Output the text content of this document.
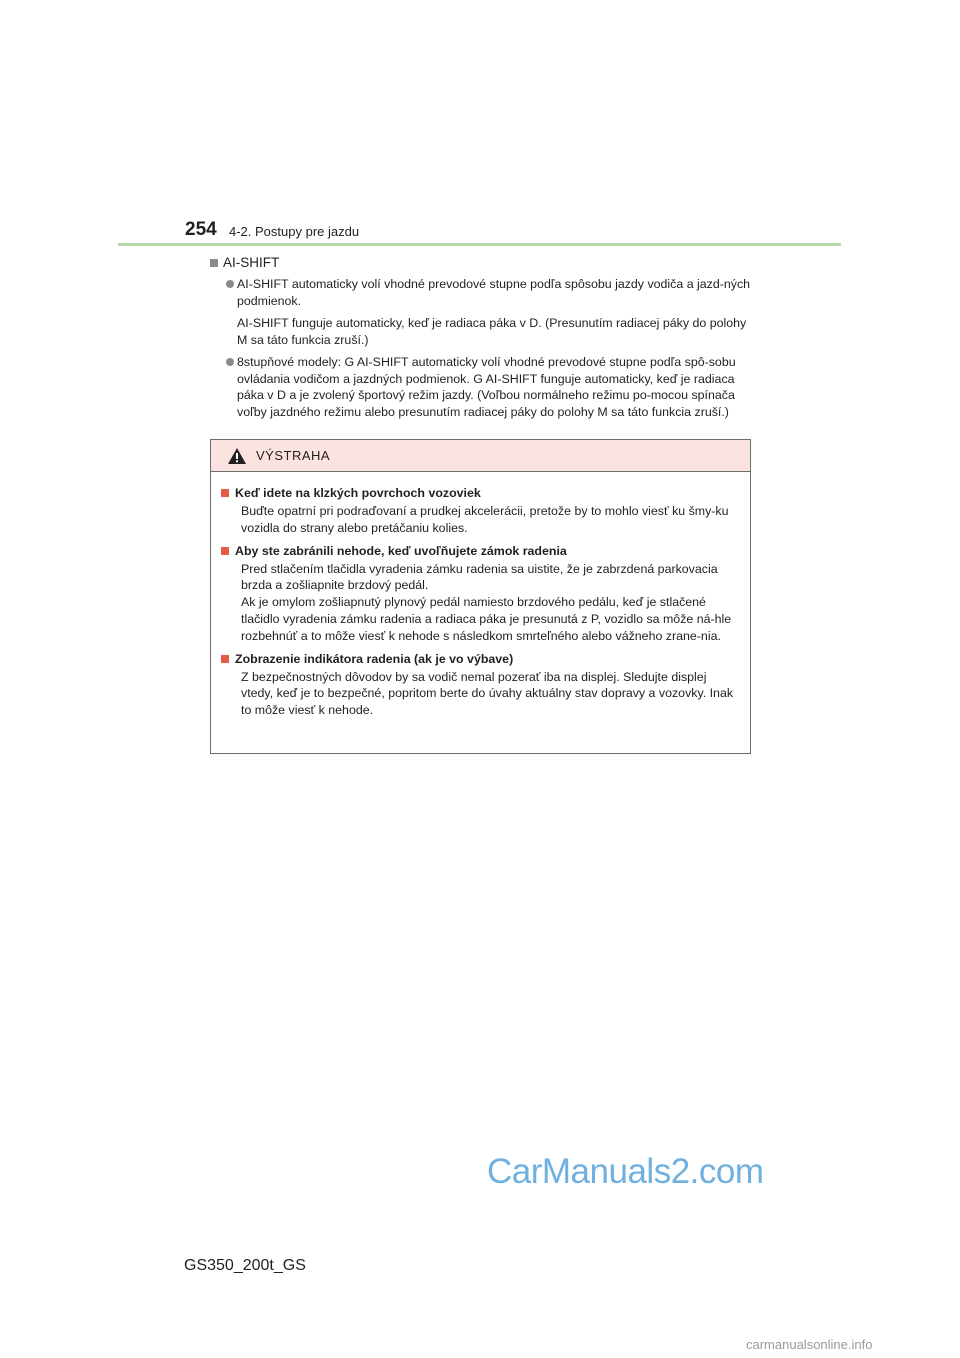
254 4-2. Postupy pre jazdu
AI-SHIFT

AI-SHIFT automaticky volí vhodné prevodové stupne podľa spôsobu jazdy vodiča a jazd-ných podmienok.

AI-SHIFT funguje automaticky, keď je radiaca páka v D. (Presunutím radiacej páky do polohy M sa táto funkcia zruší.)

8stupňové modely: G AI-SHIFT automaticky volí vhodné prevodové stupne podľa spô-sobu ovládania vodičom a jazdných podmienok. G AI-SHIFT funguje automaticky, keď je radiaca páka v D a je zvolený športový režim jazdy. (Voľbou normálneho režimu po-mocou spínača voľby jazdného režimu alebo presunutím radiacej páky do polohy M sa táto funkcia zruší.)

VÝSTRAHA
Keď idete na klzkých povrchoch vozoviek
Buďte opatrní pri podraďovaní a prudkej akcelerácii, pretože by to mohlo viesť ku šmy-ku vozidla do strany alebo pretáčaniu kolies.
Aby ste zabránili nehode, keď uvoľňujete zámok radenia
Pred stlačením tlačidla vyradenia zámku radenia sa uistite, že je zabrzdená parkovacia brzda a zošliapnite brzdový pedál.
Ak je omylom zošliapnutý plynový pedál namiesto brzdového pedálu, keď je stlačené tlačidlo vyradenia zámku radenia a radiaca páka je presunutá z P, vozidlo sa môže ná-hle rozbehnúť a to môže viesť k nehode s následkom smrteľného alebo vážneho zrane-nia.
Zobrazenie indikátora radenia (ak je vo výbave)
Z bezpečnostných dôvodov by sa vodič nemal pozerať iba na displej. Sledujte displej vtedy, keď je to bezpečné, popritom berte do úvahy aktuálny stav dopravy a vozovky. Inak to môže viesť k nehode.
CarManuals2.com
GS350_200t_GS
carmanualsonline.info
